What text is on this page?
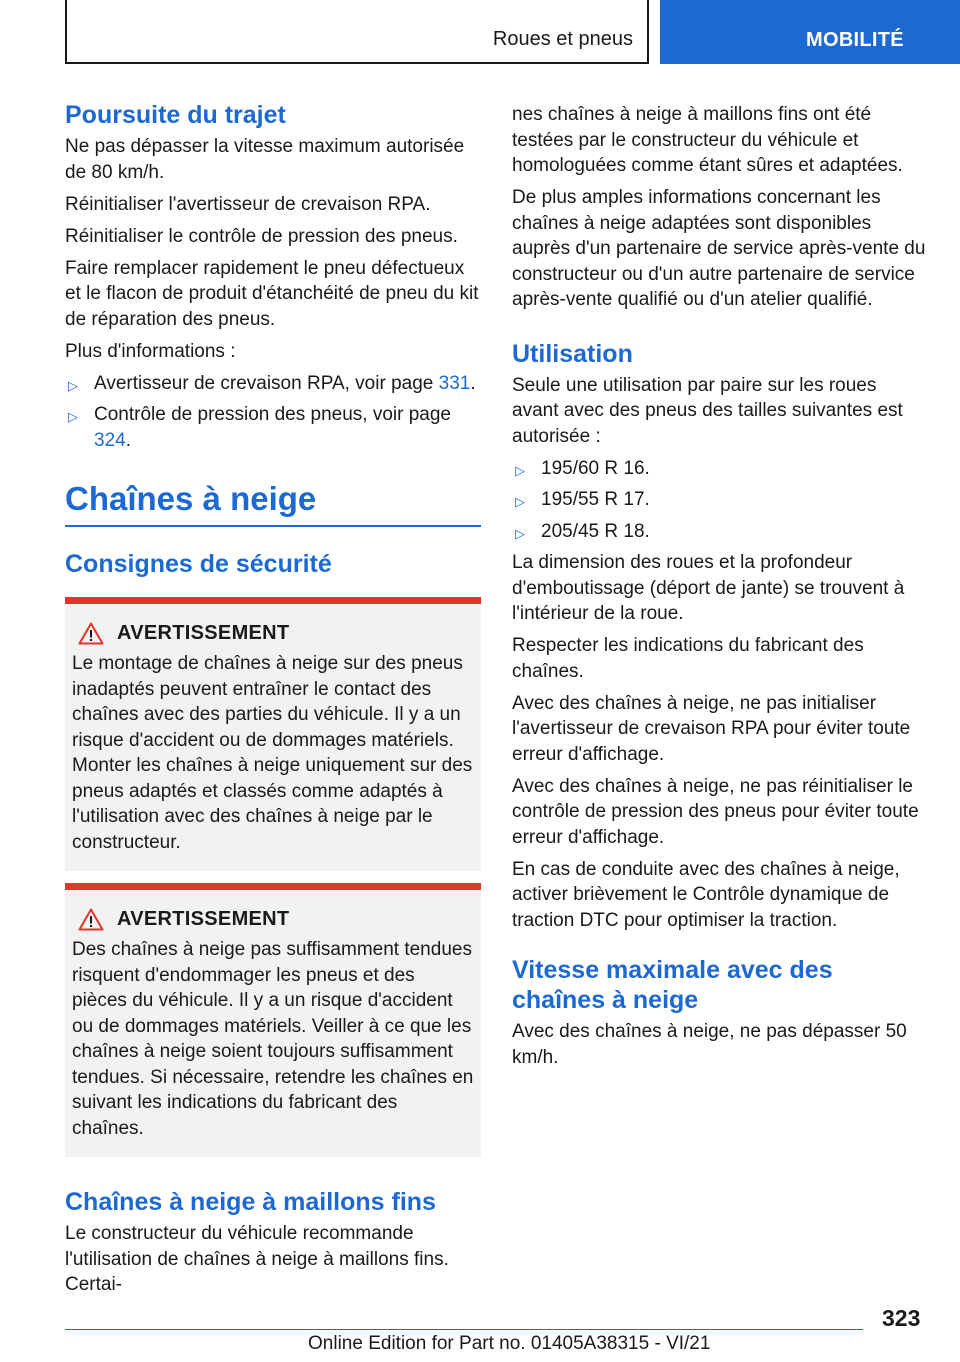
Roues et pneus	MOBILITÉ
Poursuite du trajet

Ne pas dépasser la vitesse maximum autorisée de 80 km/h.

Réinitialiser l'avertisseur de crevaison RPA.

Réinitialiser le contrôle de pression des pneus.

Faire remplacer rapidement le pneu défectueux et le flacon de produit d'étanchéité de pneu du kit de réparation des pneus.

Plus d'informations :

▷ Avertisseur de crevaison RPA, voir page 331.
▷ Contrôle de pression des pneus, voir page 324.
Chaînes à neige
Consignes de sécurité
AVERTISSEMENT

Le montage de chaînes à neige sur des pneus inadaptés peuvent entraîner le contact des chaînes avec des parties du véhicule. Il y a un risque d'accident ou de dommages matériels. Monter les chaînes à neige uniquement sur des pneus adaptés et classés comme adaptés à l'utilisation avec des chaînes à neige par le constructeur.

AVERTISSEMENT

Des chaînes à neige pas suffisamment tendues risquent d'endommager les pneus et des pièces du véhicule. Il y a un risque d'accident ou de dommages matériels. Veiller à ce que les chaînes à neige soient toujours suffisamment tendues. Si nécessaire, retendre les chaînes en suivant les indications du fabricant des chaînes.

Chaînes à neige à maillons fins

Le constructeur du véhicule recommande l'utilisation de chaînes à neige à maillons fins. Certai-

nes chaînes à neige à maillons fins ont été testées par le constructeur du véhicule et homologuées comme étant sûres et adaptées.

De plus amples informations concernant les chaînes à neige adaptées sont disponibles auprès d'un partenaire de service après-vente du constructeur ou d'un autre partenaire de service après-vente qualifié ou d'un atelier qualifié.

Utilisation

Seule une utilisation par paire sur les roues avant avec des pneus des tailles suivantes est autorisée :

▷ 195/60 R 16.
▷ 195/55 R 17.
▷ 205/45 R 18.

La dimension des roues et la profondeur d'emboutissage (déport de jante) se trouvent à l'intérieur de la roue.

Respecter les indications du fabricant des chaînes.

Avec des chaînes à neige, ne pas initialiser l'avertisseur de crevaison RPA pour éviter toute erreur d'affichage.

Avec des chaînes à neige, ne pas réinitialiser le contrôle de pression des pneus pour éviter toute erreur d'affichage.

En cas de conduite avec des chaînes à neige, activer brièvement le Contrôle dynamique de traction DTC pour optimiser la traction.

Vitesse maximale avec des chaînes à neige

Avec des chaînes à neige, ne pas dépasser 50 km/h.

323
Online Edition for Part no. 01405A38315 - VI/21
